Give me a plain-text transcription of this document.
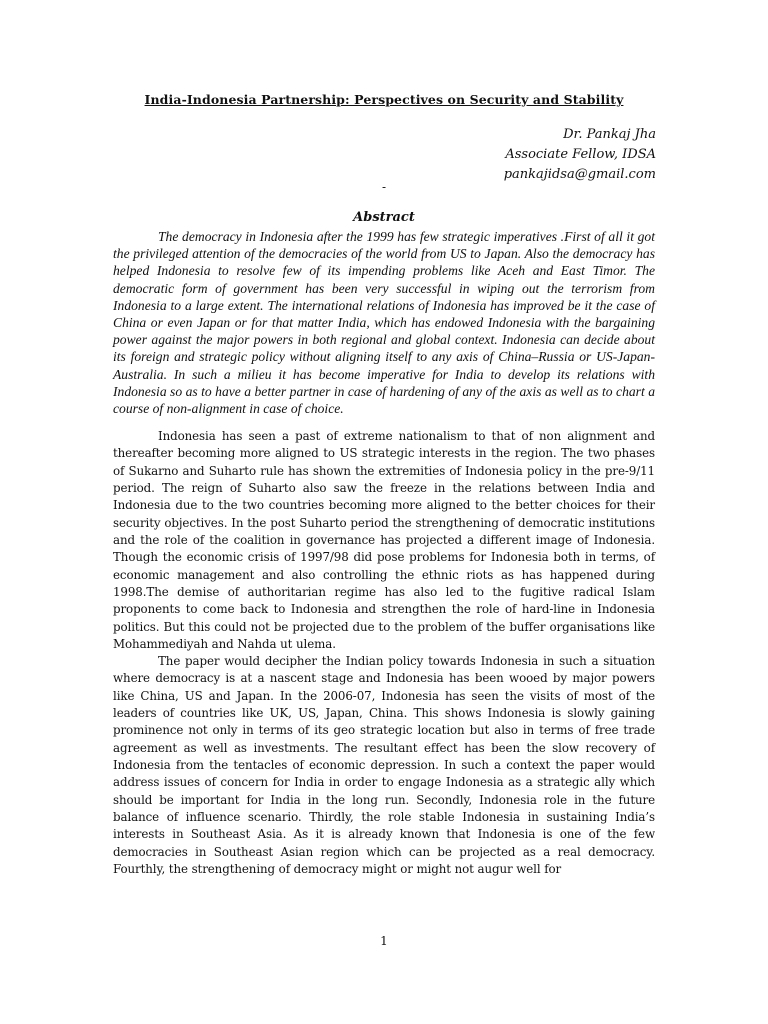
India-Indonesia Partnership: Perspectives on Security and Stability
Dr. Pankaj Jha
Associate Fellow, IDSA
pankajidsa@gmail.com
-
Abstract

The democracy in Indonesia after the 1999 has few strategic imperatives .First of all it got the privileged attention of the democracies of the world from US to Japan. Also the democracy has helped Indonesia to resolve few of its impending problems like Aceh and East Timor. The democratic form of government has been very successful in wiping out the terrorism from Indonesia to a large extent. The international relations of Indonesia has improved be it the case of China or even Japan or for that matter India, which has endowed Indonesia with the bargaining power against the major powers in both regional and global context. Indonesia can decide about its foreign and strategic policy without aligning itself to any axis of China–Russia or US-Japan-Australia. In such a milieu it has become imperative for India to develop its relations with Indonesia so as to have a better partner in case of hardening of any of the axis as well as to chart a course of non-alignment in case of choice.

Indonesia has seen a past of extreme nationalism to that of non alignment and thereafter becoming more aligned to US strategic interests in the region. The two phases of Sukarno and Suharto rule has shown the extremities of Indonesia policy in the pre-9/11 period. The reign of Suharto also saw the freeze in the relations between India and Indonesia due to the two countries becoming more aligned to the better choices for their security objectives. In the post Suharto period the strengthening of democratic institutions and the role of the coalition in governance has projected a different image of Indonesia. Though the economic crisis of 1997/98 did pose problems for Indonesia both in terms, of economic management and also controlling the ethnic riots as has happened during 1998.The demise of authoritarian regime has also led to the fugitive radical Islam proponents to come back to Indonesia and strengthen the role of hard-line in Indonesia politics. But this could not be projected due to the problem of the buffer organisations like Mohammediyah and Nahda ut ulema.

The paper would decipher the Indian policy towards Indonesia in such a situation where democracy is at a nascent stage and Indonesia has been wooed by major powers like China, US and Japan. In the 2006-07, Indonesia has seen the visits of most of the leaders of countries like UK, US, Japan, China. This shows Indonesia is slowly gaining prominence not only in terms of its geo strategic location but also in terms of free trade agreement as well as investments. The resultant effect has been the slow recovery of Indonesia from the tentacles of economic depression. In such a context the paper would address issues of concern for India in order to engage Indonesia as a strategic ally which should be important for India in the long run. Secondly, Indonesia role in the future balance of influence scenario. Thirdly, the role stable Indonesia in sustaining India’s interests in Southeast Asia. As it is already known that Indonesia is one of the few democracies in Southeast Asian region which can be projected as a real democracy. Fourthly, the strengthening of democracy might or might not augur well for

1
